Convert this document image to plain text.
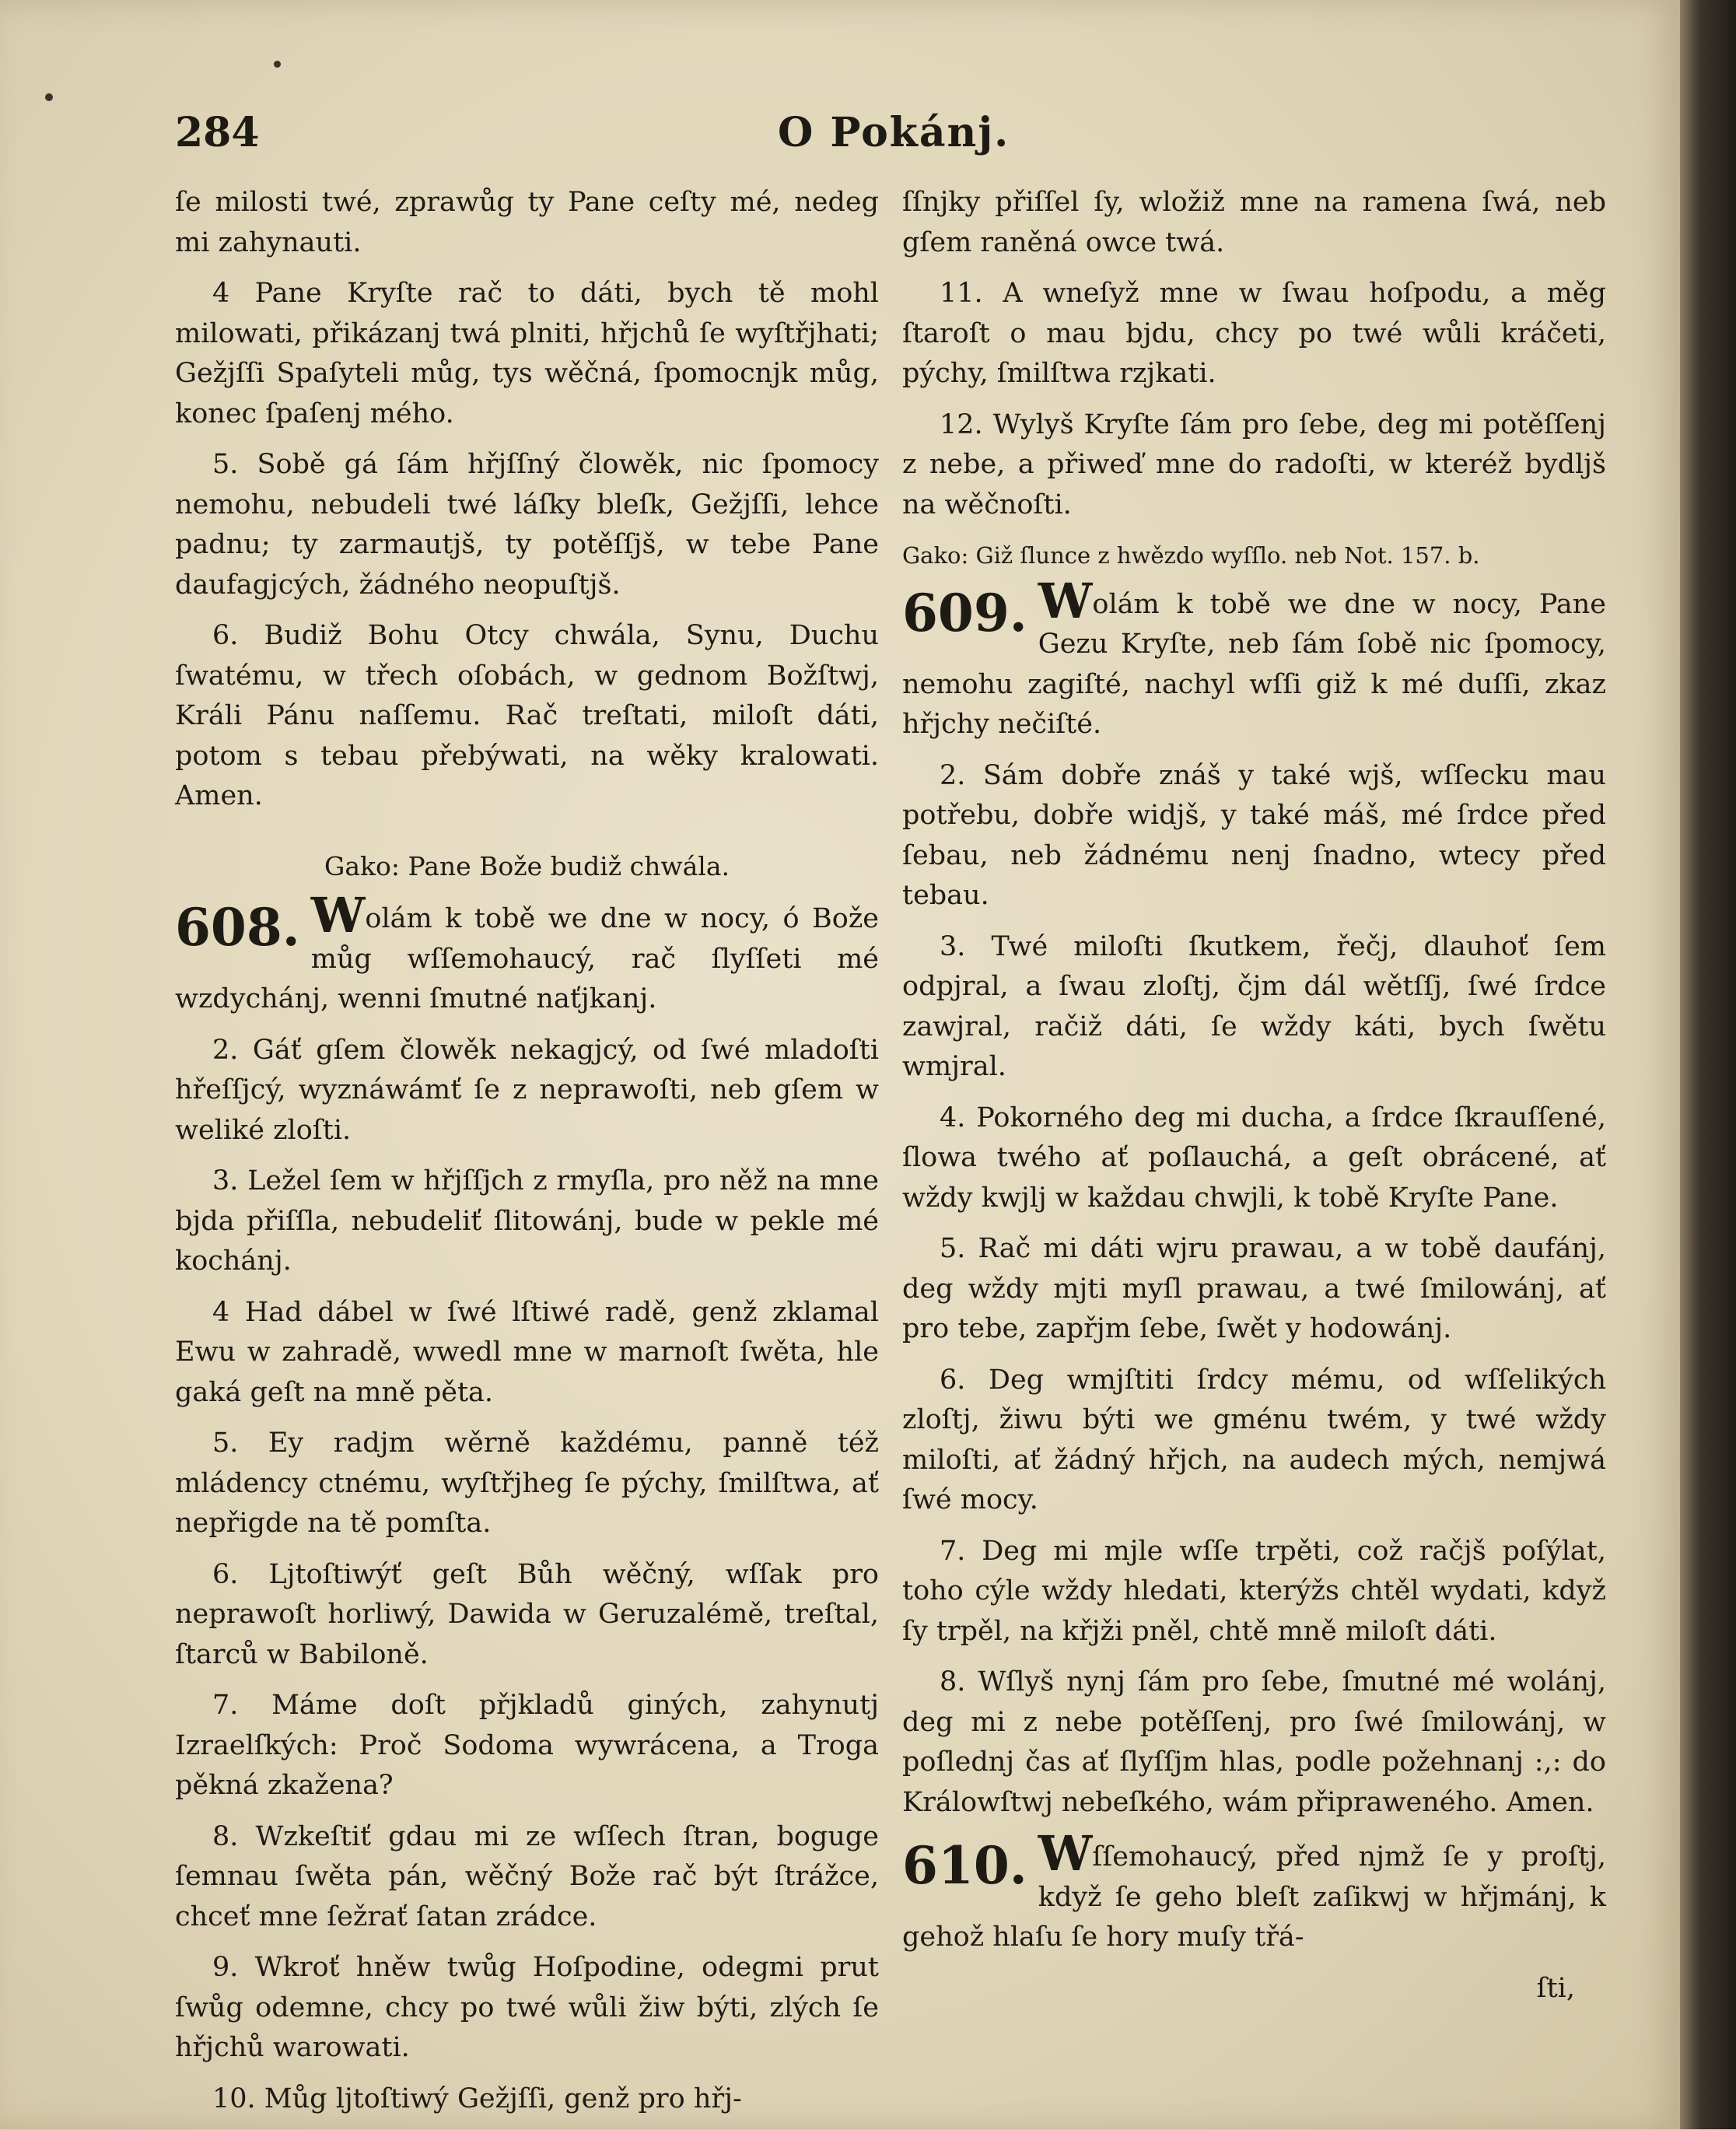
284	O Pokánj.

ſe milosti twé, zprawůg ty Pane ceſty mé, nedeg mi zahynauti.

4 Pane Kryſte rač to dáti, bych tě mohl milowati, přikázanj twá plniti, hřjchů ſe wyſtřjhati; Gežjſſi Spaſyteli můg, tys wěčná, ſpomocnjk můg, konec ſpaſenj mého.

5. Sobě gá ſám hřjſſný člowěk, nic ſpomocy nemohu, nebudeli twé láſky bleſk, Gežjſſi, lehce padnu; ty zarmautjš, ty potěſſjš, w tebe Pane daufagjcých, žádného neopuſtjš.

6. Budiž Bohu Otcy chwála, Synu, Duchu ſwatému, w třech oſobách, w gednom Božſtwj, Králi Pánu naſſemu. Rač treſtati, miloſt dáti, potom s tebau přebýwati, na wěky kralowati. Amen.

Gako: Pane Bože budiž chwála.

608. Wolám k tobě we dne w nocy, ó Bože můg wſſemohaucý, rač ſlyſſeti mé wzdychánj, wenni ſmutné naťjkanj.

2. Gáť gſem člowěk nekagjcý, od ſwé mladoſti hřeſſjcý, wyznáwámť ſe z neprawoſti, neb gſem w weliké zloſti.

3. Ležel ſem w hřjſſjch z rmyſla, pro něž na mne bjda přiſſla, nebudeliť ſlitowánj, bude w pekle mé kochánj.

4 Had dábel w ſwé lſtiwé radě, genž zklamal Ewu w zahradě, wwedl mne w marnoſt ſwěta, hle gaká geſt na mně pěta.

5. Ey radjm wěrně každému, panně též mládency ctnému, wyſtřjheg ſe pýchy, ſmilſtwa, ať nepřigde na tě pomſta.

6. Ljtoſtiwýť geſt Bůh wěčný, wſſak pro neprawoſt horliwý, Dawida w Geruzalémě, treſtal, ſtarců w Babiloně.

7. Máme doſt přjkladů giných, zahynutj Izraelſkých: Proč Sodoma wywrácena, a Troga pěkná zkažena?

8. Wzkeſtiť gdau mi ze wſſech ſtran, boguge ſemnau ſwěta pán, wěčný Bože rač být ſtrážce, chceť mne ſežrať ſatan zrádce.

9. Wkroť hněw twůg Hoſpodine, odegmi prut ſwůg odemne, chcy po twé wůli žiw býti, zlých ſe hřjchů warowati.

10. Můg ljtoſtiwý Gežjſſi, genž pro hřj-

ſſnjky přiſſel ſy, wložiž mne na ramena ſwá, neb gſem raněná owce twá.

11. A wneſyž mne w ſwau hoſpodu, a měg ſtaroſt o mau bjdu, chcy po twé wůli kráčeti, pýchy, ſmilſtwa rzjkati.

12. Wylyš Kryſte ſám pro ſebe, deg mi potěſſenj z nebe, a přiweď mne do radoſti, w kteréž bydljš na wěčnoſti.

Gako: Giž ſlunce z hwězdo wyſſlo. neb Not. 157. b.

609. Wolám k tobě we dne w nocy, Pane Gezu Kryſte, neb ſám ſobě nic ſpomocy, nemohu zagiſté, nachyl wſſi giž k mé duſſi, zkaz hřjchy nečiſté.

2. Sám dobře znáš y také wjš, wſſecku mau potřebu, dobře widjš, y také máš, mé ſrdce před ſebau, neb žádnému nenj ſnadno, wtecy před tebau.

3. Twé miloſti ſkutkem, řečj, dlauhoť ſem odpjral, a ſwau zloſtj, čjm dál wětſſj, ſwé ſrdce zawjral, račiž dáti, ſe wždy káti, bych ſwětu wmjral.

4. Pokorného deg mi ducha, a ſrdce ſkrauſſené, ſlowa twého ať poſlauchá, a geſt obrácené, ať wždy kwjlj w každau chwjli, k tobě Kryſte Pane.

5. Rač mi dáti wjru prawau, a w tobě daufánj, deg wždy mjti myſl prawau, a twé ſmilowánj, ať pro tebe, zapřjm ſebe, ſwět y hodowánj.

6. Deg wmjſtiti ſrdcy mému, od wſſelikých zloſtj, žiwu býti we gménu twém, y twé wždy miloſti, ať žádný hřjch, na audech mých, nemjwá ſwé mocy.

7. Deg mi mjle wſſe trpěti, což račjš poſýlat, toho cýle wždy hledati, kterýžs chtěl wydati, když ſy trpěl, na křjži pněl, chtě mně miloſt dáti.

8. Wſlyš nynj ſám pro ſebe, ſmutné mé wolánj, deg mi z nebe potěſſenj, pro ſwé ſmilowánj, w poſlednj čas ať ſlyſſjm hlas, podle požehnanj :,: do Králowſtwj nebeſkého, wám připraweného. Amen.

610. Wſſemohaucý, před njmž ſe y proſtj, když ſe geho bleſt zaſikwj w hřjmánj, k gehož hlaſu ſe hory muſy třá-

ſti,
